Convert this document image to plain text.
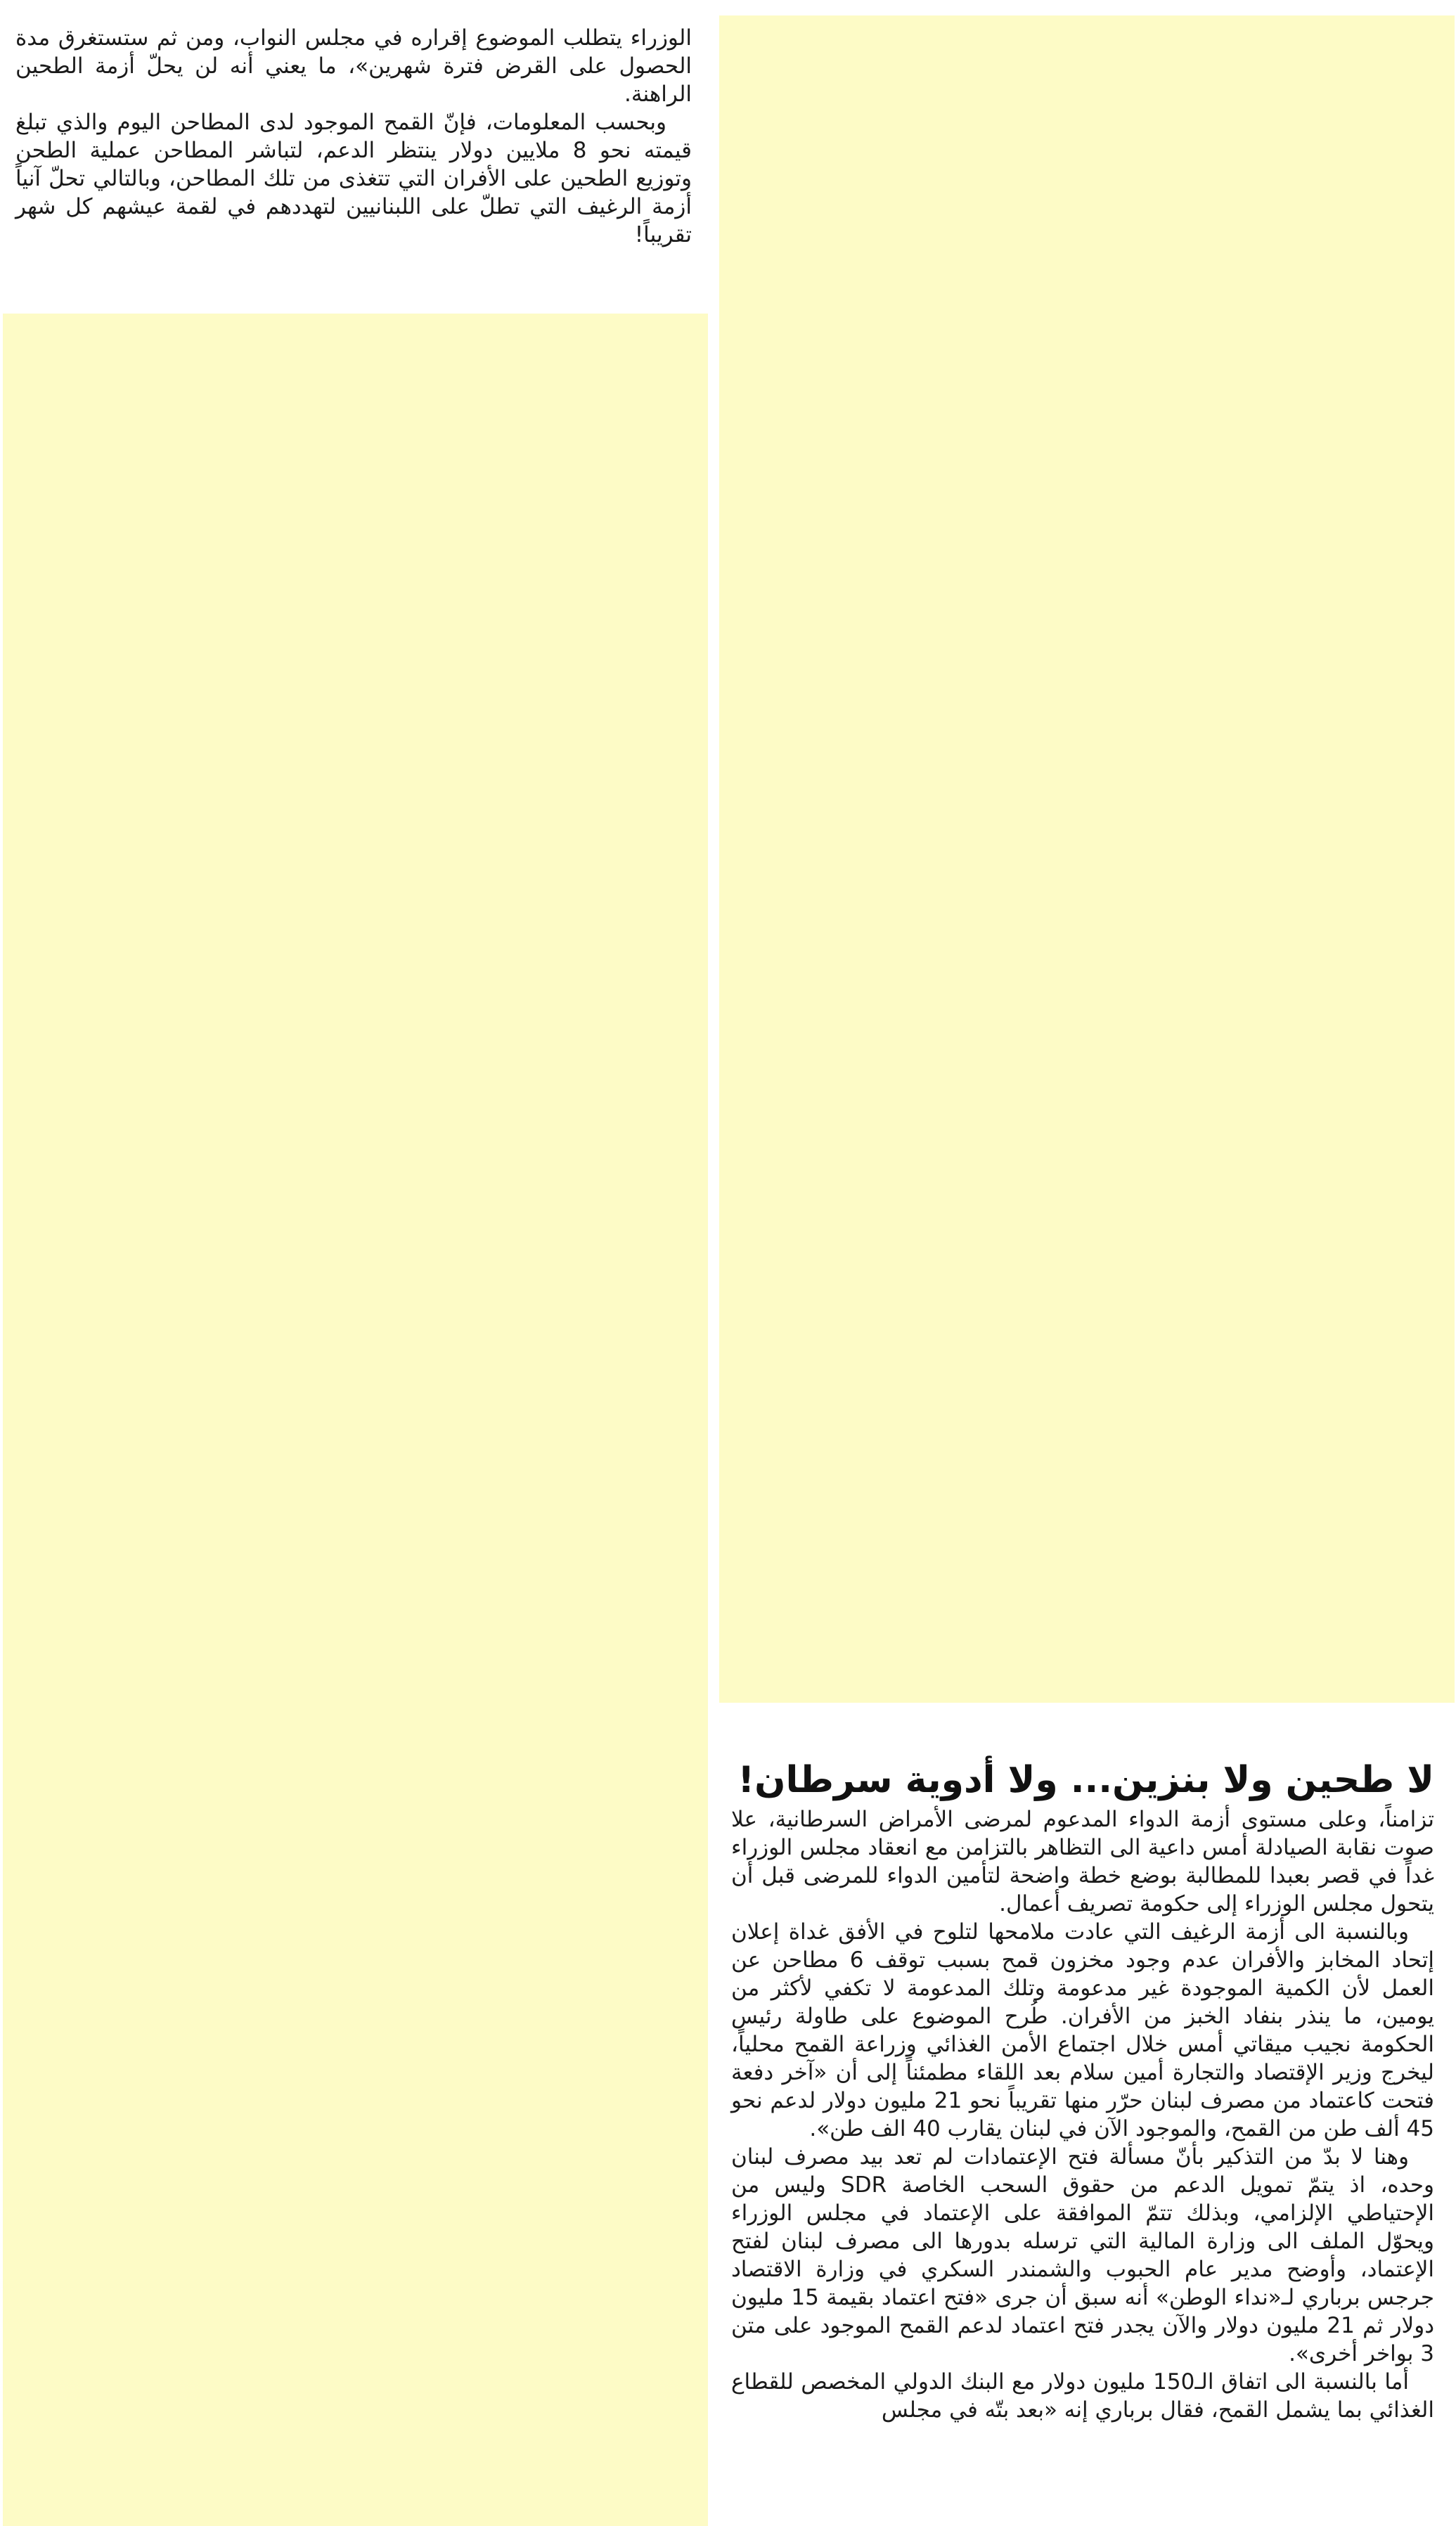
الوزراء يتطلب الموضوع إقراره في مجلس النواب، ومن ثم ستستغرق مدة الحصول على القرض فترة شهرين»، ما يعني أنه لن يحلّ أزمة الطحين الراهنة.

وبحسب المعلومات، فإنّ القمح الموجود لدى المطاحن اليوم والذي تبلغ قيمته نحو 8 ملايين دولار ينتظر الدعم، لتباشر المطاحن عملية الطحن وتوزيع الطحين على الأفران التي تتغذى من تلك المطاحن، وبالتالي تحلّ آنياً أزمة الرغيف التي تطلّ على اللبنانيين لتهددهم في لقمة عيشهم كل شهر تقريباً!

لا طحين ولا بنزين... ولا أدوية سرطان!

تزامناً، وعلى مستوى أزمة الدواء المدعوم لمرضى الأمراض السرطانية، علا صوت نقابة الصيادلة أمس داعية الى التظاهر بالتزامن مع انعقاد مجلس الوزراء غداً في قصر بعبدا للمطالبة بوضع خطة واضحة لتأمين الدواء للمرضى قبل أن يتحول مجلس الوزراء إلى حكومة تصريف أعمال.

وبالنسبة الى أزمة الرغيف التي عادت ملامحها لتلوح في الأفق غداة إعلان إتحاد المخابز والأفران عدم وجود مخزون قمح بسبب توقف 6 مطاحن عن العمل لأن الكمية الموجودة غير مدعومة وتلك المدعومة لا تكفي لأكثر من يومين، ما ينذر بنفاد الخبز من الأفران. طُرح الموضوع على طاولة رئيس الحكومة نجيب ميقاتي أمس خلال اجتماع الأمن الغذائي وزراعة القمح محلياً، ليخرج وزير الإقتصاد والتجارة أمين سلام بعد اللقاء مطمئناً إلى أن «آخر دفعة فتحت كاعتماد من مصرف لبنان حرّر منها تقريباً نحو 21 مليون دولار لدعم نحو 45 ألف طن من القمح، والموجود الآن في لبنان يقارب 40 الف طن».

وهنا لا بدّ من التذكير بأنّ مسألة فتح الإعتمادات لم تعد بيد مصرف لبنان وحده، اذ يتمّ تمويل الدعم من حقوق السحب الخاصة SDR وليس من الإحتياطي الإلزامي، وبذلك تتمّ الموافقة على الإعتماد في مجلس الوزراء ويحوّل الملف الى وزارة المالية التي ترسله بدورها الى مصرف لبنان لفتح الإعتماد، وأوضح مدير عام الحبوب والشمندر السكري في وزارة الاقتصاد جرجس برباري لـ«نداء الوطن» أنه سبق أن جرى «فتح اعتماد بقيمة 15 مليون دولار ثم 21 مليون دولار والآن يجدر فتح اعتماد لدعم القمح الموجود على متن 3 بواخر أخرى».

أما بالنسبة الى اتفاق الـ150 مليون دولار مع البنك الدولي المخصص للقطاع الغذائي بما يشمل القمح، فقال برباري إنه «بعد بتّه في مجلس
